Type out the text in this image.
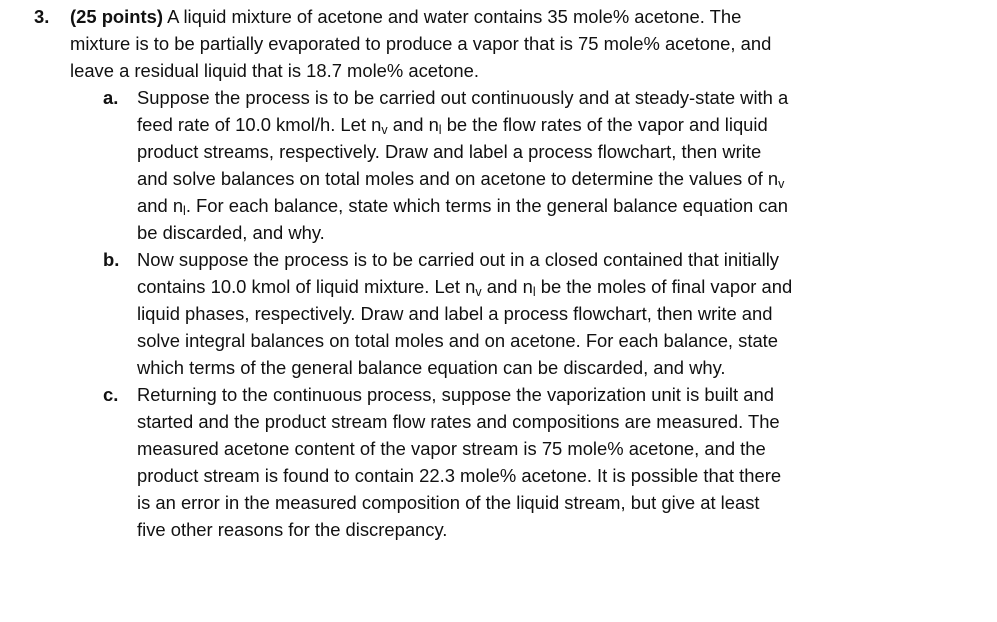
3. (25 points) A liquid mixture of acetone and water contains 35 mole% acetone. The
mixture is to be partially evaporated to produce a vapor that is 75 mole% acetone, and
leave a residual liquid that is 18.7 mole% acetone.
a. Suppose the process is to be carried out continuously and at steady-state with a
feed rate of 10.0 kmol/h. Let nv and nl be the flow rates of the vapor and liquid
product streams, respectively. Draw and label a process flowchart, then write
and solve balances on total moles and on acetone to determine the values of nv
and nl. For each balance, state which terms in the general balance equation can
be discarded, and why.
b. Now suppose the process is to be carried out in a closed contained that initially
contains 10.0 kmol of liquid mixture. Let nv and nl be the moles of final vapor and
liquid phases, respectively. Draw and label a process flowchart, then write and
solve integral balances on total moles and on acetone. For each balance, state
which terms of the general balance equation can be discarded, and why.
c. Returning to the continuous process, suppose the vaporization unit is built and
started and the product stream flow rates and compositions are measured. The
measured acetone content of the vapor stream is 75 mole% acetone, and the
product stream is found to contain 22.3 mole% acetone. It is possible that there
is an error in the measured composition of the liquid stream, but give at least
five other reasons for the discrepancy.
